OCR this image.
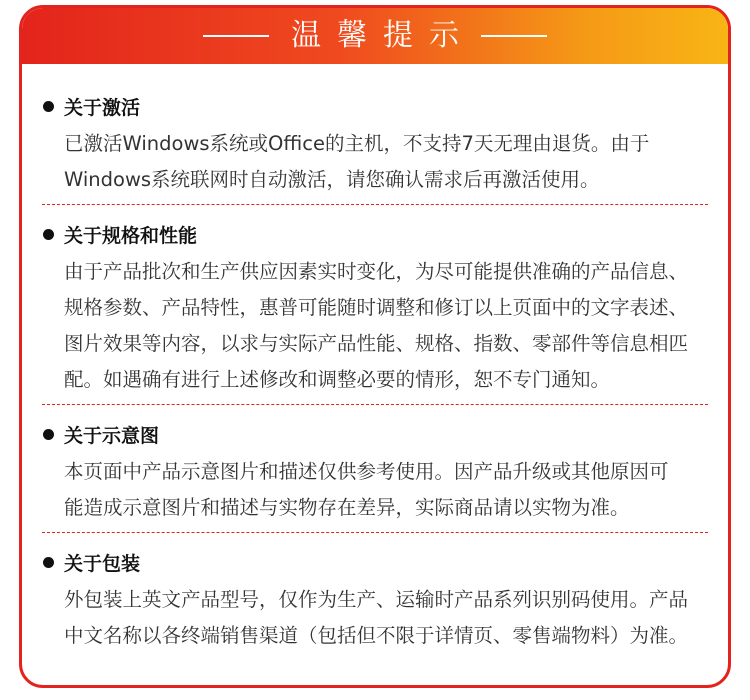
温馨提示
关于激活
已激活Windows系统或Office的主机，不支持7天无理由退货。由于
Windows系统联网时自动激活，请您确认需求后再激活使用。
关于规格和性能
由于产品批次和生产供应因素实时变化，为尽可能提供准确的产品信息、
规格参数、产品特性，惠普可能随时调整和修订以上页面中的文字表述、
图片效果等内容，以求与实际产品性能、规格、指数、零部件等信息相匹
配。如遇确有进行上述修改和调整必要的情形，恕不专门通知。
关于示意图
本页面中产品示意图片和描述仅供参考使用。因产品升级或其他原因可
能造成示意图片和描述与实物存在差异，实际商品请以实物为准。
关于包装
外包装上英文产品型号，仅作为生产、运输时产品系列识别码使用。产品
中文名称以各终端销售渠道（包括但不限于详情页、零售端物料）为准。
